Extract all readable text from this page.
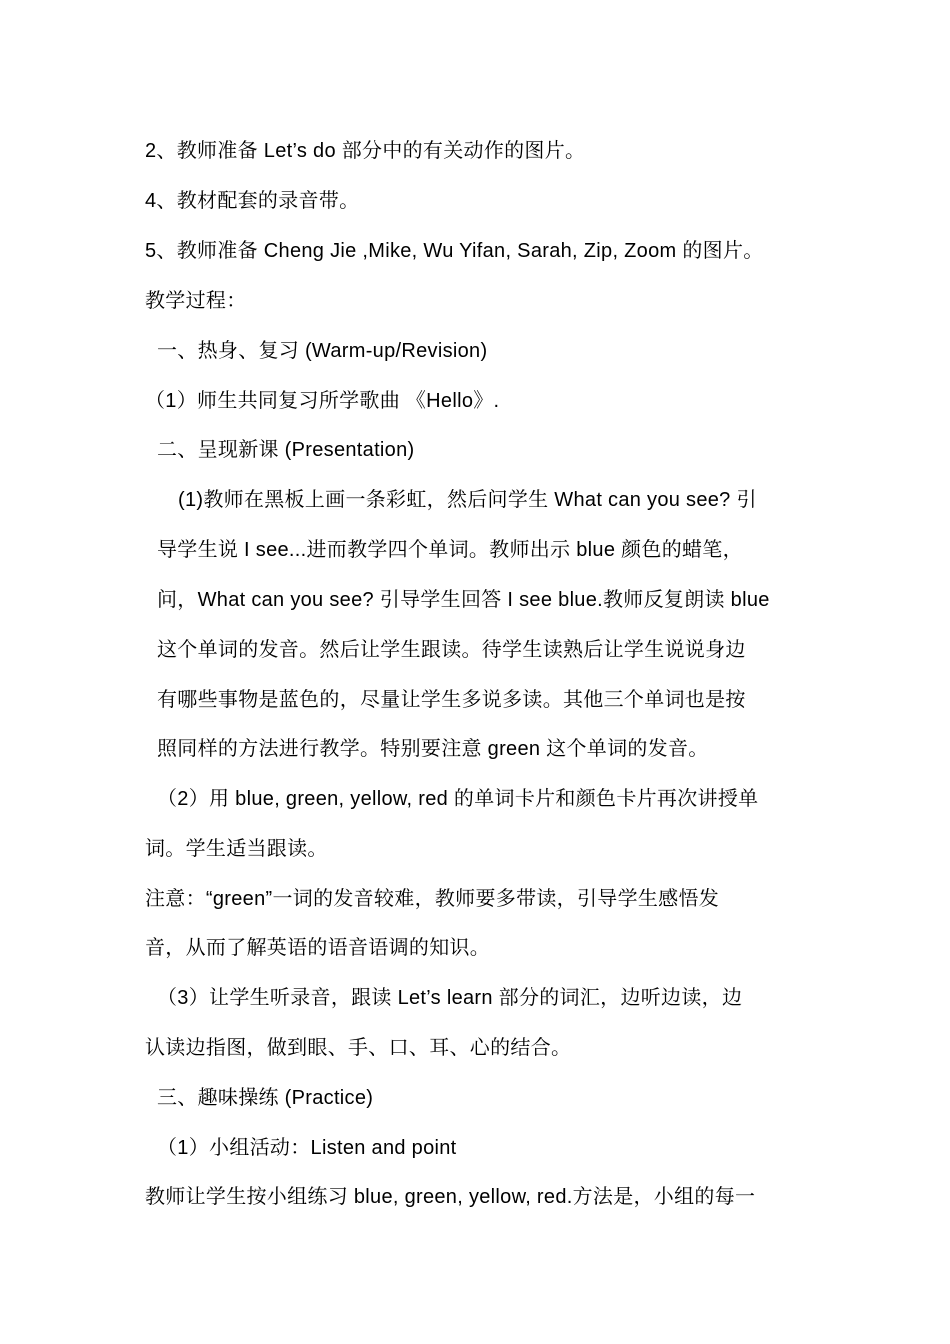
2、教师准备 Let’s do 部分中的有关动作的图片。
4、教材配套的录音带。
5、教师准备 Cheng Jie ,Mike, Wu Yifan, Sarah, Zip, Zoom 的图片。
教学过程：
一、热身、复习 (Warm-up/Revision)
（1）师生共同复习所学歌曲 《Hello》.
二、呈现新课 (Presentation)
(1)教师在黑板上画一条彩虹，然后问学生 What can you see? 引
导学生说 I see...进而教学四个单词。教师出示 blue 颜色的蜡笔，
问，What can you see? 引导学生回答 I see blue.教师反复朗读 blue
这个单词的发音。然后让学生跟读。待学生读熟后让学生说说身边
有哪些事物是蓝色的，尽量让学生多说多读。其他三个单词也是按
照同样的方法进行教学。特别要注意 green 这个单词的发音。
（2）用 blue, green, yellow, red 的单词卡片和颜色卡片再次讲授单
词。学生适当跟读。
注意：“green”一词的发音较难，教师要多带读，引导学生感悟发
音，从而了解英语的语音语调的知识。
（3）让学生听录音，跟读 Let’s learn 部分的词汇，边听边读，边
认读边指图，做到眼、手、口、耳、心的结合。
三、趣味操练 (Practice)
（1）小组活动：Listen and point
教师让学生按小组练习 blue, green, yellow, red.方法是，小组的每一
